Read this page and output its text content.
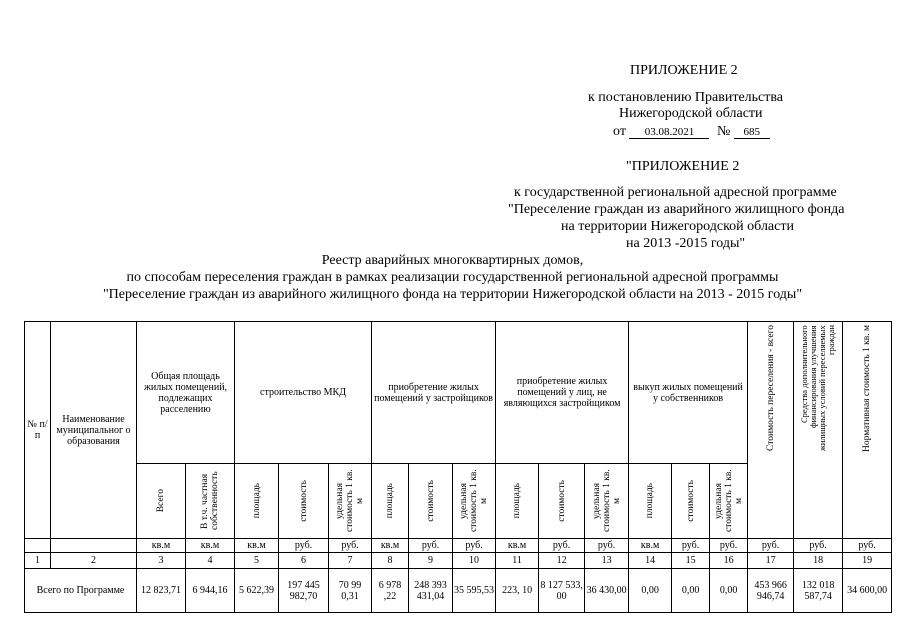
ПРИЛОЖЕНИЕ 2
к постановлению Правительства
Нижегородской области
от 03.08.2021 № 685
"ПРИЛОЖЕНИЕ 2
к государственной региональной адресной программе
"Переселение граждан из аварийного жилищного фонда
на территории Нижегородской области
на 2013 -2015 годы"
Реестр аварийных многоквартирных домов,
по способам переселения граждан в рамках реализации государственной региональной адресной программы
"Переселение граждан из аварийного жилищного фонда на территории Нижегородской области на 2013 - 2015 годы"
№ п/п	Наименование муниципальног о образования	Общая площадь жилых помещений, подлежащих расселению		строительство МКД			приобретение жилых помещений у застройщиков			приобретение жилых помещений у лиц, не являющихся застройщиком			выкуп жилых помещений у собственников			Стоимость переселения - всего	Средства дополнительного финансирования улучшения жилищных условий переселяемых граждан	Нормативная стоимость 1 кв. м

		Всего	В т.ч. частная собственность	площадь	стоимость	удельная стоимость 1 кв. м	площадь	стоимость	удельная стоимость 1 кв. м	площадь	стоимость	удельная стоимость 1 кв. м	площадь	стоимость	удельная стоимость 1 кв. м			

		кв.м	кв.м	кв.м	руб.	руб.	кв.м	руб.	руб.	кв.м	руб.	руб.	кв.м	руб.	руб.	руб.	руб.	руб.
1	2	3	4	5	6	7	8	9	10	11	12	13	14	15	16	17	18	19
Всего по Программе		12 823,71	6 944,16	5 622,39	197 445 982,70	70 99 0,31	6 978 ,22	248 393 431,04	35 595,53	223, 10	8 127 533, 00	36 430,00	0,00	0,00	0,00	453 966 946,74	132 018 587,74	34 600,00
